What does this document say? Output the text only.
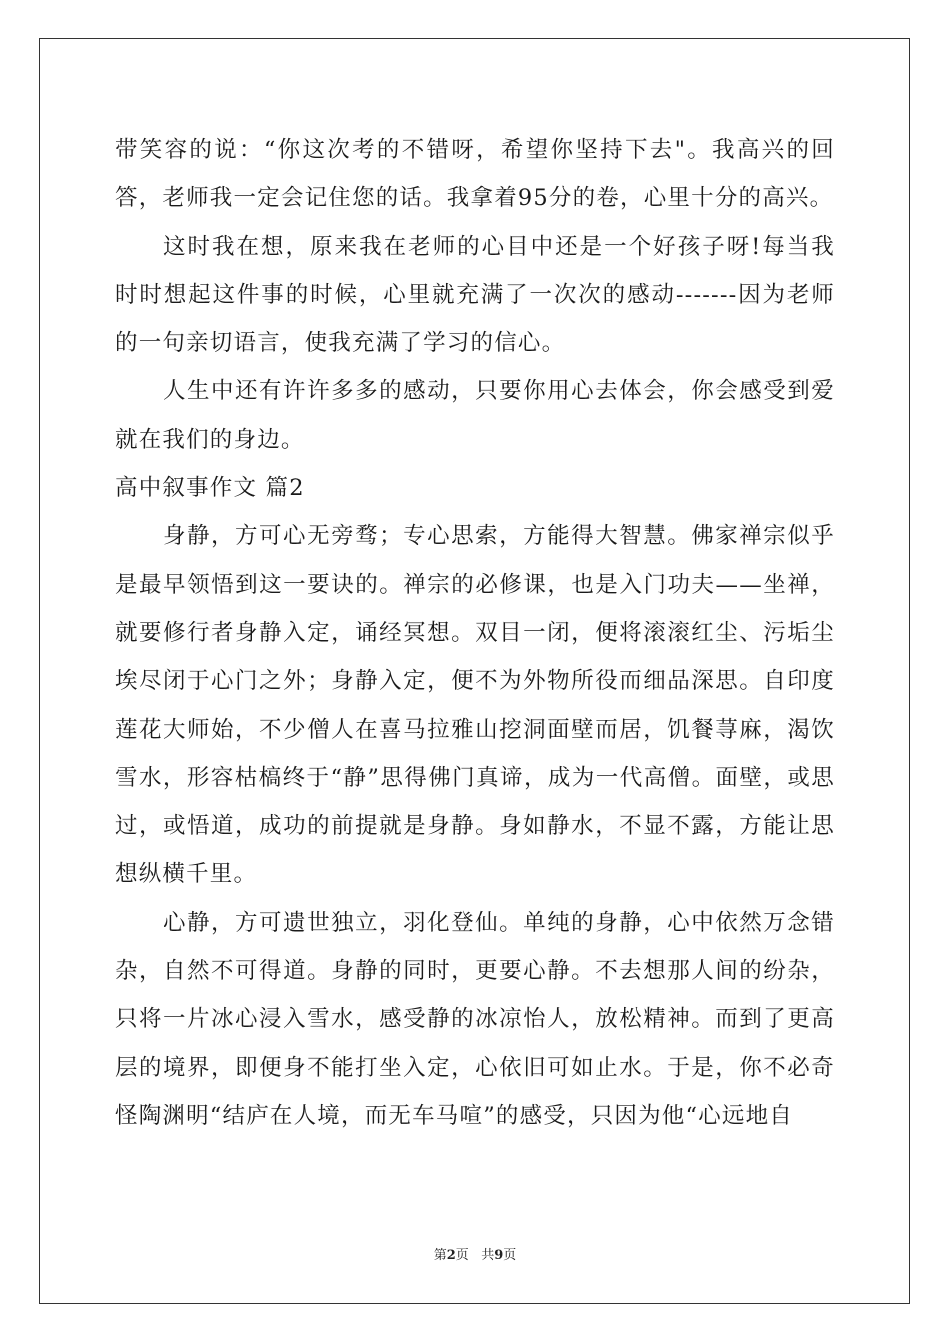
带笑容的说：“你这次考的不错呀，希望你坚持下去"。我高兴的回答，老师我一定会记住您的话。我拿着95分的卷，心里十分的高兴。

这时我在想，原来我在老师的心目中还是一个好孩子呀!每当我时时想起这件事的时候，心里就充满了一次次的感动-------因为老师的一句亲切语言，使我充满了学习的信心。

人生中还有许许多多的感动，只要你用心去体会，你会感受到爱就在我们的身边。

高中叙事作文 篇2

身静，方可心无旁骛；专心思索，方能得大智慧。佛家禅宗似乎是最早领悟到这一要诀的。禅宗的必修课，也是入门功夫——坐禅，就要修行者身静入定，诵经冥想。双目一闭，便将滚滚红尘、污垢尘埃尽闭于心门之外；身静入定，便不为外物所役而细品深思。自印度莲花大师始，不少僧人在喜马拉雅山挖洞面壁而居，饥餐荨麻，渴饮雪水，形容枯槁终于“静”思得佛门真谛，成为一代高僧。面壁，或思过，或悟道，成功的前提就是身静。身如静水，不显不露，方能让思想纵横千里。

心静，方可遗世独立，羽化登仙。单纯的身静，心中依然万念错杂，自然不可得道。身静的同时，更要心静。不去想那人间的纷杂，只将一片冰心浸入雪水，感受静的冰凉怡人，放松精神。而到了更高层的境界，即便身不能打坐入定，心依旧可如止水。于是，你不必奇怪陶渊明“结庐在人境，而无车马喧”的感受，只因为他“心远地自

第2页   共9页
